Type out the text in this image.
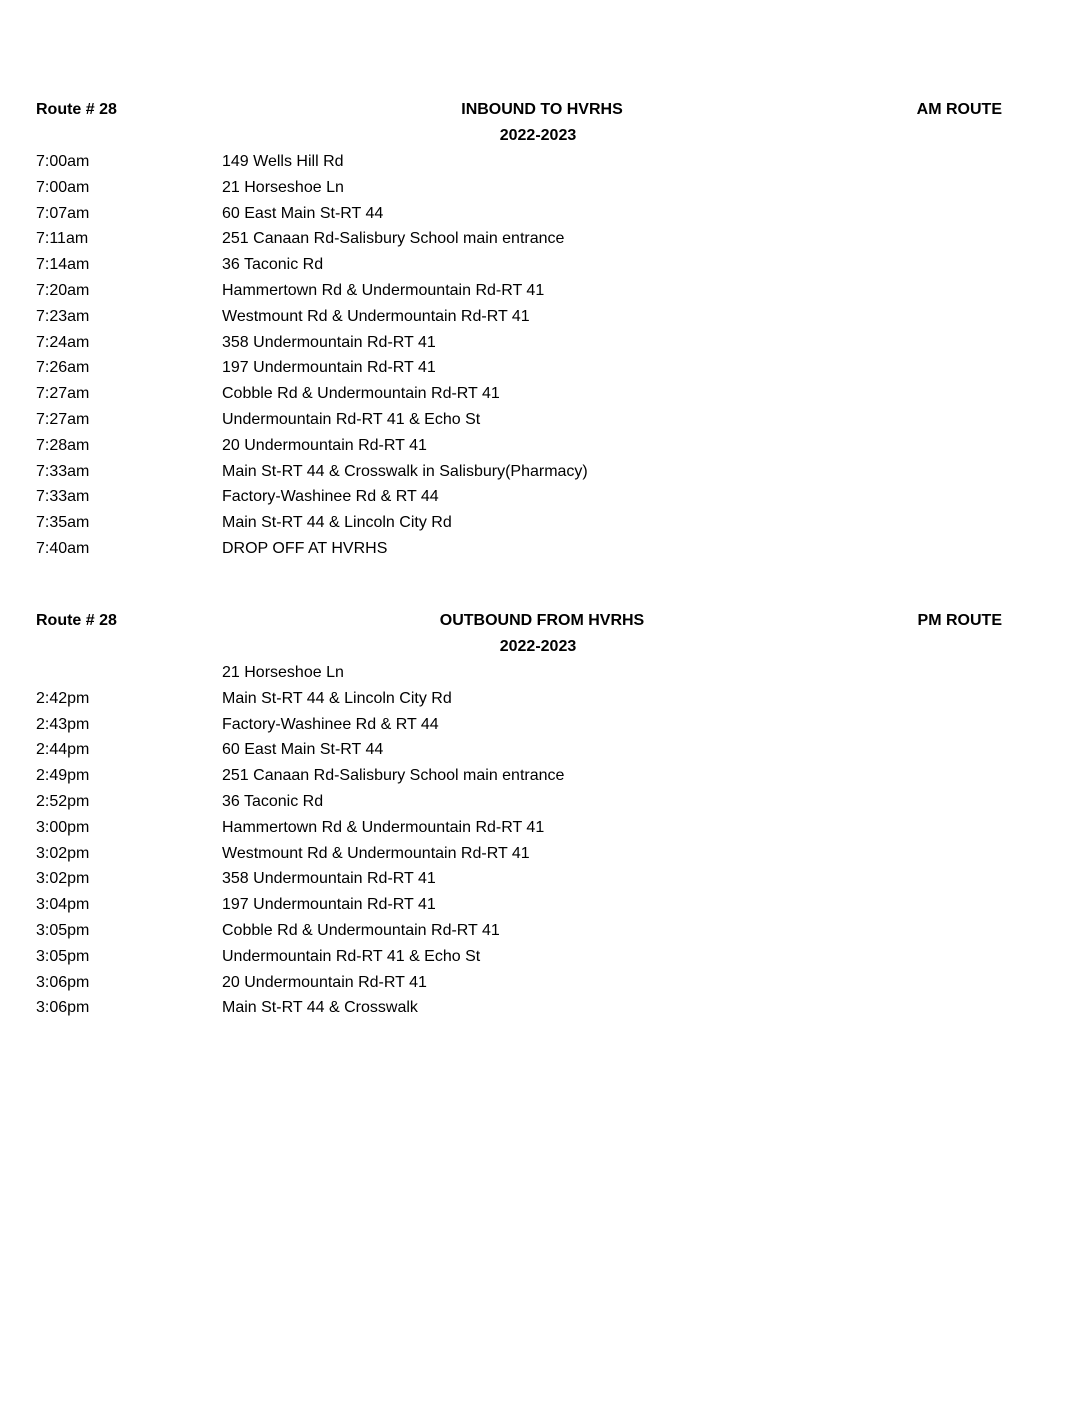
Route # 28	INBOUND TO HVRHS	AM ROUTE
2022-2023
7:00am	149 Wells Hill Rd
7:00am	21 Horseshoe Ln
7:07am	60 East Main St-RT 44
7:11am	251 Canaan Rd-Salisbury School main entrance
7:14am	36 Taconic Rd
7:20am	Hammertown Rd & Undermountain Rd-RT 41
7:23am	Westmount Rd & Undermountain Rd-RT 41
7:24am	358 Undermountain Rd-RT 41
7:26am	197 Undermountain Rd-RT 41
7:27am	Cobble Rd & Undermountain Rd-RT 41
7:27am	Undermountain Rd-RT 41 & Echo St
7:28am	20 Undermountain Rd-RT 41
7:33am	Main St-RT 44 & Crosswalk in Salisbury(Pharmacy)
7:33am	Factory-Washinee Rd & RT 44
7:35am	Main St-RT 44 & Lincoln City Rd
7:40am	DROP OFF AT HVRHS
Route # 28	OUTBOUND FROM HVRHS	PM ROUTE
2022-2023
21 Horseshoe Ln
2:42pm	Main St-RT 44 & Lincoln City Rd
2:43pm	Factory-Washinee Rd & RT 44
2:44pm	60 East Main St-RT 44
2:49pm	251 Canaan Rd-Salisbury School main entrance
2:52pm	36 Taconic Rd
3:00pm	Hammertown Rd & Undermountain Rd-RT 41
3:02pm	Westmount Rd & Undermountain Rd-RT 41
3:02pm	358 Undermountain Rd-RT 41
3:04pm	197 Undermountain Rd-RT 41
3:05pm	Cobble Rd & Undermountain Rd-RT 41
3:05pm	Undermountain Rd-RT 41 & Echo St
3:06pm	20 Undermountain Rd-RT 41
3:06pm	Main St-RT 44 & Crosswalk
